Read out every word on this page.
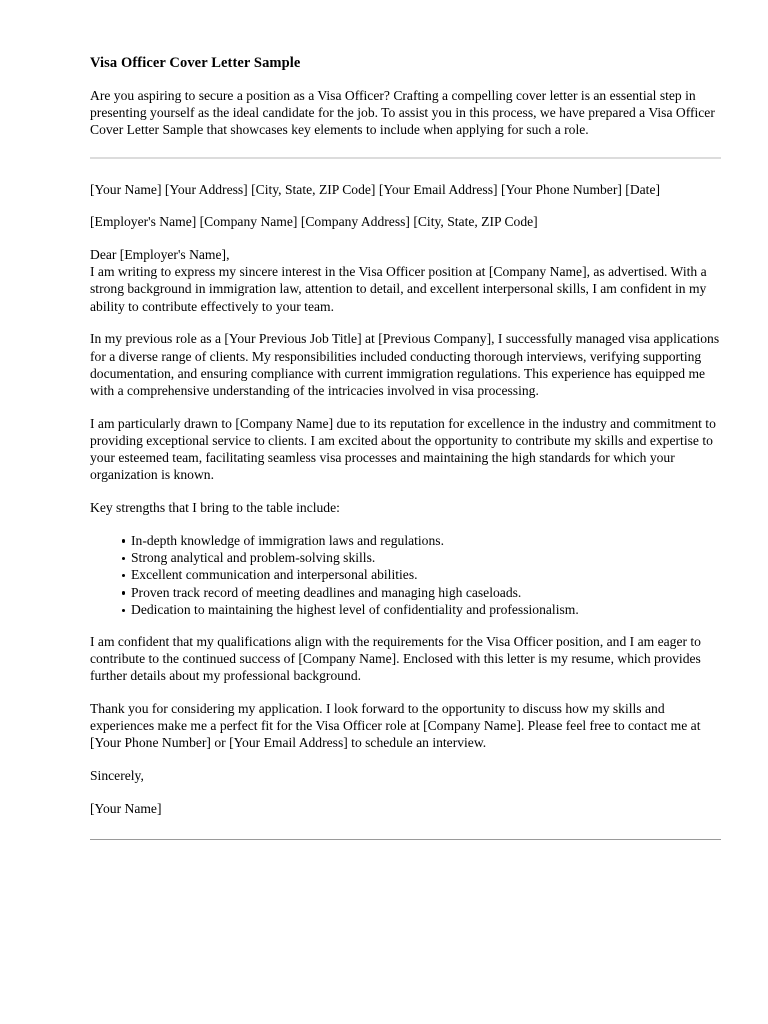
Visa Officer Cover Letter Sample

Are you aspiring to secure a position as a Visa Officer? Crafting a compelling cover letter is an essential step in presenting yourself as the ideal candidate for the job. To assist you in this process, we have prepared a Visa Officer Cover Letter Sample that showcases key elements to include when applying for such a role.

[Your Name] [Your Address] [City, State, ZIP Code] [Your Email Address] [Your Phone Number] [Date]

[Employer's Name] [Company Name] [Company Address] [City, State, ZIP Code]

Dear [Employer's Name],

I am writing to express my sincere interest in the Visa Officer position at [Company Name], as advertised. With a strong background in immigration law, attention to detail, and excellent interpersonal skills, I am confident in my ability to contribute effectively to your team.

In my previous role as a [Your Previous Job Title] at [Previous Company], I successfully managed visa applications for a diverse range of clients. My responsibilities included conducting thorough interviews, verifying supporting documentation, and ensuring compliance with current immigration regulations. This experience has equipped me with a comprehensive understanding of the intricacies involved in visa processing.

I am particularly drawn to [Company Name] due to its reputation for excellence in the industry and commitment to providing exceptional service to clients. I am excited about the opportunity to contribute my skills and expertise to your esteemed team, facilitating seamless visa processes and maintaining the high standards for which your organization is known.

Key strengths that I bring to the table include:

In-depth knowledge of immigration laws and regulations.
Strong analytical and problem-solving skills.
Excellent communication and interpersonal abilities.
Proven track record of meeting deadlines and managing high caseloads.
Dedication to maintaining the highest level of confidentiality and professionalism.

I am confident that my qualifications align with the requirements for the Visa Officer position, and I am eager to contribute to the continued success of [Company Name]. Enclosed with this letter is my resume, which provides further details about my professional background.

Thank you for considering my application. I look forward to the opportunity to discuss how my skills and experiences make me a perfect fit for the Visa Officer role at [Company Name]. Please feel free to contact me at [Your Phone Number] or [Your Email Address] to schedule an interview.

Sincerely,

[Your Name]
